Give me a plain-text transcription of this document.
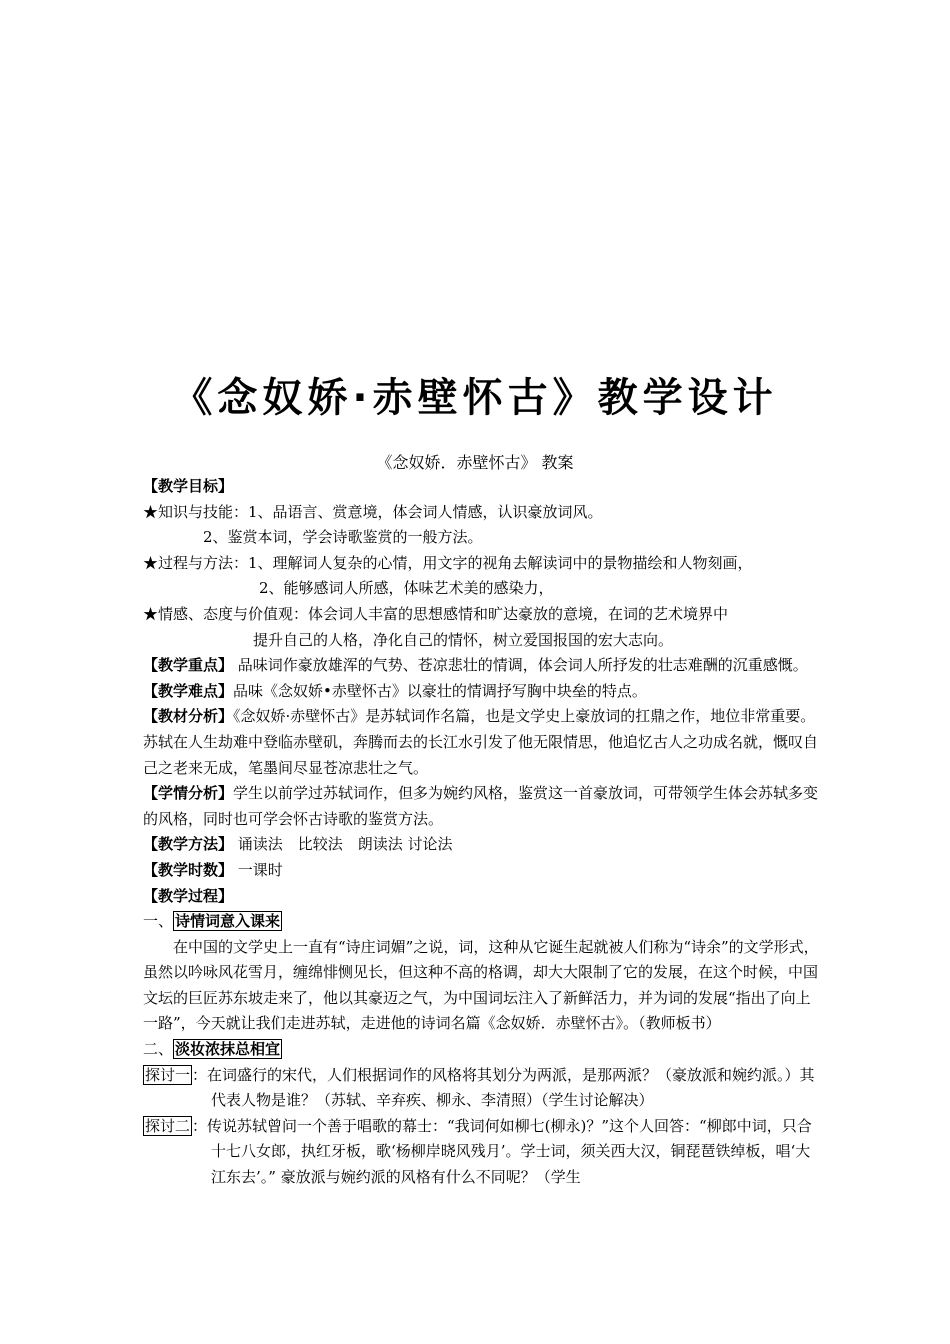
《念奴娇·赤壁怀古》教学设计
《念奴娇．赤壁怀古》 教案
【教学目标】
★知识与技能：1、品语言、赏意境，体会词人情感，认识豪放词风。
2、鉴赏本词，学会诗歌鉴赏的一般方法。
★过程与方法：1、理解词人复杂的心情，用文字的视角去解读词中的景物描绘和人物刻画，
2、能够感词人所感，体味艺术美的感染力，
★情感、态度与价值观：体会词人丰富的思想感情和旷达豪放的意境，在词的艺术境界中
提升自己的人格，净化自己的情怀，树立爱国报国的宏大志向。
【教学重点】 品味词作豪放雄浑的气势、苍凉悲壮的情调，体会词人所抒发的壮志难酬的沉重感慨。
【教学难点】品味《念奴娇•赤壁怀古》以豪壮的情调抒写胸中块垒的特点。
【教材分析】《念奴娇·赤壁怀古》是苏轼词作名篇，也是文学史上豪放词的扛鼎之作，地位非常重要。苏轼在人生劫难中登临赤壁矶，奔腾而去的长江水引发了他无限情思，他追忆古人之功成名就，慨叹自己之老来无成，笔墨间尽显苍凉悲壮之气。
【学情分析】学生以前学过苏轼词作，但多为婉约风格，鉴赏这一首豪放词，可带领学生体会苏轼多变的风格，同时也可学会怀古诗歌的鉴赏方法。
【教学方法】 诵读法　比较法　朗读法 讨论法
【教学时数】 一课时
【教学过程】
一、 诗情词意入课来
在中国的文学史上一直有“诗庄词媚”之说，词，这种从它诞生起就被人们称为“诗余”的文学形式，虽然以吟咏风花雪月，缠绵悱恻见长，但这种不高的格调，却大大限制了它的发展，在这个时候，中国文坛的巨匠苏东坡走来了，他以其豪迈之气，为中国词坛注入了新鲜活力，并为词的发展“指出了向上一路”，今天就让我们走进苏轼，走进他的诗词名篇《念奴娇．赤壁怀古》。（教师板书）
二、 淡妆浓抹总相宜
探讨一 ：在词盛行的宋代，人们根据词作的风格将其划分为两派，是那两派？（豪放派和婉约派。）其代表人物是谁？（苏轼、辛弃疾、柳永、李清照）（学生讨论解决）
探讨二 ：传说苏轼曾问一个善于唱歌的幕士：“我词何如柳七(柳永)？”这个人回答：“柳郎中词，只合十七八女郎，执红牙板，歌‘杨柳岸晓风残月’。学士词，须关西大汉，铜琵琶铁绰板，唱‘大江东去’。” 豪放派与婉约派的风格有什么不同呢？（学生
